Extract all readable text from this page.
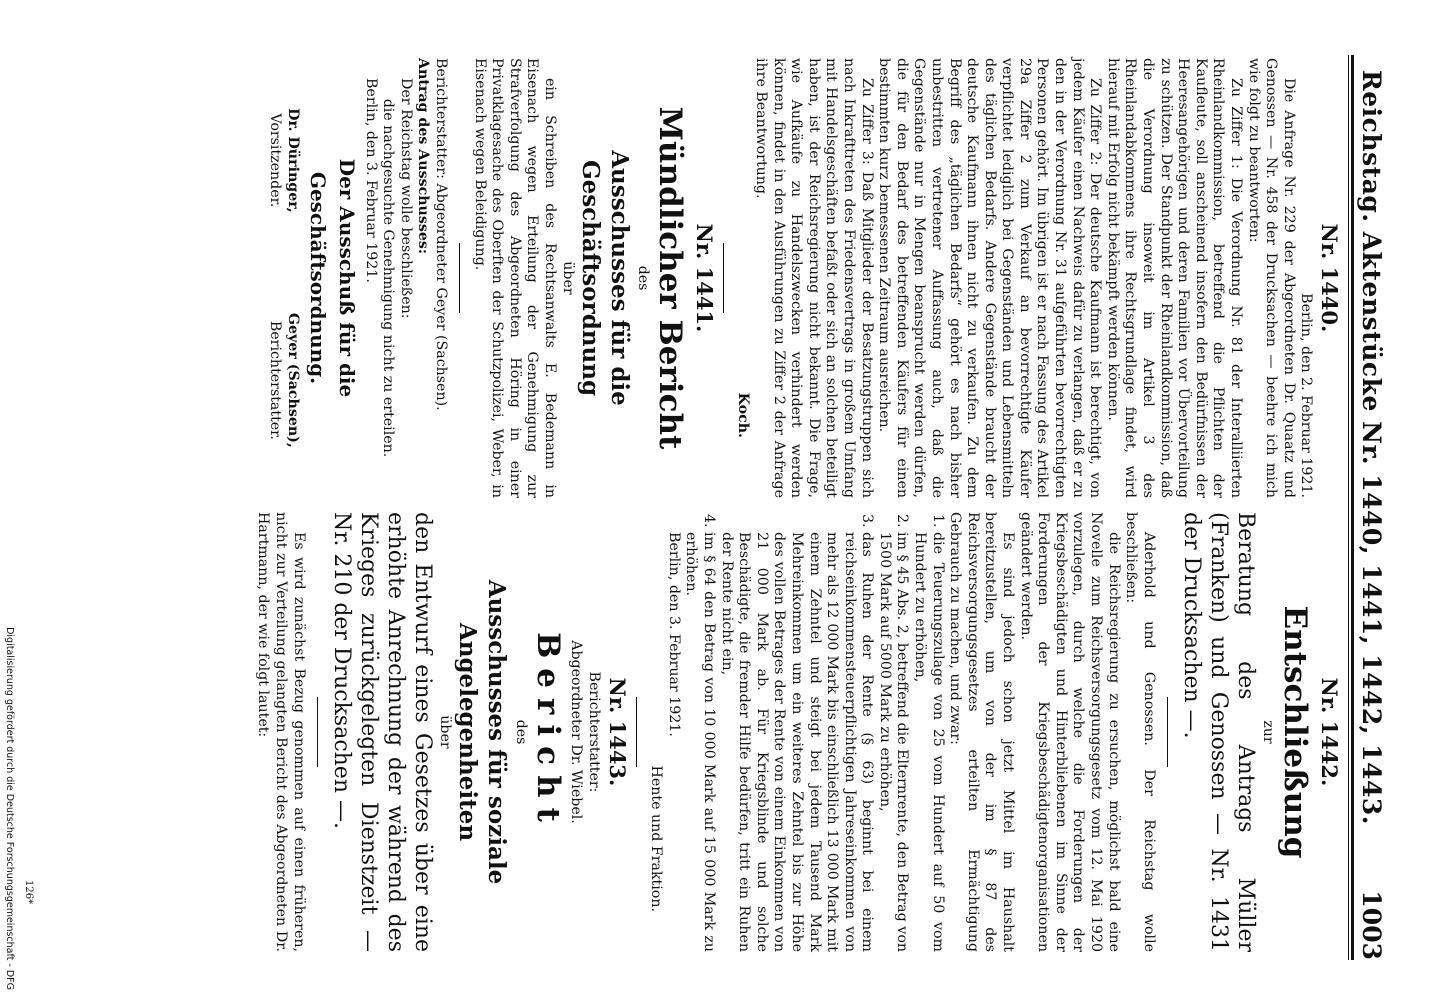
Reichstag. Aktenstücke Nr. 1440, 1441, 1442, 1443.
1003
Nr. 1440.
Berlin, den 2. Februar 1921.

Die Anfrage Nr. 229 der Abgeordneten Dr. Quaatz und Genossen — Nr. 458 der Drucksachen — beehre ich mich wie folgt zu beantworten:

Zu Ziffer 1: Die Verordnung Nr. 81 der Interalliierten Rheinlandkommission, betreffend die Pflichten der Kaufleute, soll anscheinend insofern den Bedürfnissen der Heeresangehörigen und deren Familien vor Übervorteilung zu schützen. Der Standpunkt der Rheinlandkommission, daß die Verordnung insoweit im Artikel 3 des Rheinlandabkommens ihre Rechtsgrundlage findet, wird hierauf mit Erfolg nicht bekämpft werden können.

Zu Ziffer 2: Der deutsche Kaufmann ist berechtigt, von jedem Käufer einen Nachweis dafür zu verlangen, daß er zu den in der Verordnung Nr. 31 aufgeführten bevorrechtigten Personen gehört. Im übrigen ist er nach Fassung des Artikel 29a Ziffer 2 zum Verkauf an bevorrechtigte Käufer verpflichtet lediglich bei Gegenständen und Lebensmitteln des täglichen Bedarfs. Andere Gegenstände braucht der deutsche Kaufmann ihnen nicht zu verkaufen. Zu dem Begriff des „täglichen Bedarfs“ gehört es nach bisher unbestritten vertretener Auffassung auch, daß die Gegenstände nur in Mengen beansprucht werden dürfen, die für den Bedarf des betreffenden Käufers für einen bestimmten kurz bemessenen Zeitraum ausreichen.

Zu Ziffer 3: Daß Mitglieder der Besatzungstruppen sich nach Inkrafttreten des Friedensvertrags in großem Umfang mit Handelsgeschäften befaßt oder sich an solchen beteiligt haben, ist der Reichsregierung nicht bekannt. Die Frage, wie Aufkäufe zu Handelszwecken verhindert werden können, findet in den Ausführungen zu Ziffer 2 der Anfrage ihre Beantwortung.

Koch.
Nr. 1441.
Mündlicher Bericht
des
Ausschusses für die Geschäftsordnung
über

ein Schreiben des Rechtsanwalts E. Bedemann in Eisenach wegen Erteilung der Genehmigung zur Strafverfolgung des Abgeordneten Höring in einer Privatklagesache des Oberften der Schutzpolizei, Weber, in Eisenach wegen Beleidigung.

Berichterstatter: Abgeordneter Geyer (Sachsen).
Antrag des Ausschusses:

Der Reichstag wolle beschließen:

die nachgesuchte Genehmigung nicht zu erteilen.

Berlin, den 3. Februar 1921.

Der Ausschuß für die Geschäftsordnung.
Dr. Düringer,
Vorsitzender.
Geyer (Sachsen),
Berichterstatter.
Nr. 1442.
Entschließung
zur
Beratung des Antrags Müller (Franken) und Genossen — Nr. 1431 der Drucksachen —.

Aderhold und Genossen. Der Reichstag wolle beschließen:

die Reichsregierung zu ersuchen, möglichst bald eine Novelle zum Reichsversorgungsgesetz vom 12. Mai 1920 vorzulegen, durch welche die Forderungen der Kriegsbeschädigten und Hinterbliebenen im Sinne der Forderungen der Kriegsbeschädigtenorganisationen geändert werden.

Es sind jedoch schon jetzt Mittel im Haushalt bereitzustellen, um von der im § 87 des Reichsversorgungsgesetzes erteilten Ermächtigung Gebrauch zu machen, und zwar:

1. die Teuerungszulage von 25 vom Hundert auf 50 vom Hundert zu erhöhen,
2. im § 45 Abs. 2, betreffend die Elternrente, den Betrag von 1500 Mark auf 5000 Mark zu erhöhen,
3. das Ruhen der Rente (§ 63) beginnt bei einem reichseinkommensteuerpflichtigen Jahreseinkommen von mehr als 12 000 Mark bis einschließlich 13 000 Mark mit einem Zehntel und steigt bei jedem Tausend Mark Mehreinkommen um ein weiteres Zehntel bis zur Höhe des vollen Betrages der Rente von einem Einkommen von 21 000 Mark ab. Für Kriegsblinde und solche Beschädigte, die fremder Hilfe bedürfen, tritt ein Ruhen der Rente nicht ein,
4. im § 64 den Betrag von 10 000 Mark auf 15 000 Mark zu erhöhen.

Berlin, den 3. Februar 1921.

Hente und Fraktion.
Nr. 1443.
Berichterstatter:
Abgeordneter Dr. Wiebel.
Bericht
des
Ausschusses für soziale Angelegenheiten
über
den Entwurf eines Gesetzes über eine erhöhte Anrechnung der während des Krieges zurückgelegten Dienstzeit — Nr. 210 der Drucksachen —.

Es wird zunächst Bezug genommen auf einen früheren, nicht zur Verteilung gelangten Bericht des Abgeordneten Dr. Hartmann, der wie folgt lautet:

126*
Digitalisierung gefördert durch die Deutsche Forschungsgemeinschaft - DFG
